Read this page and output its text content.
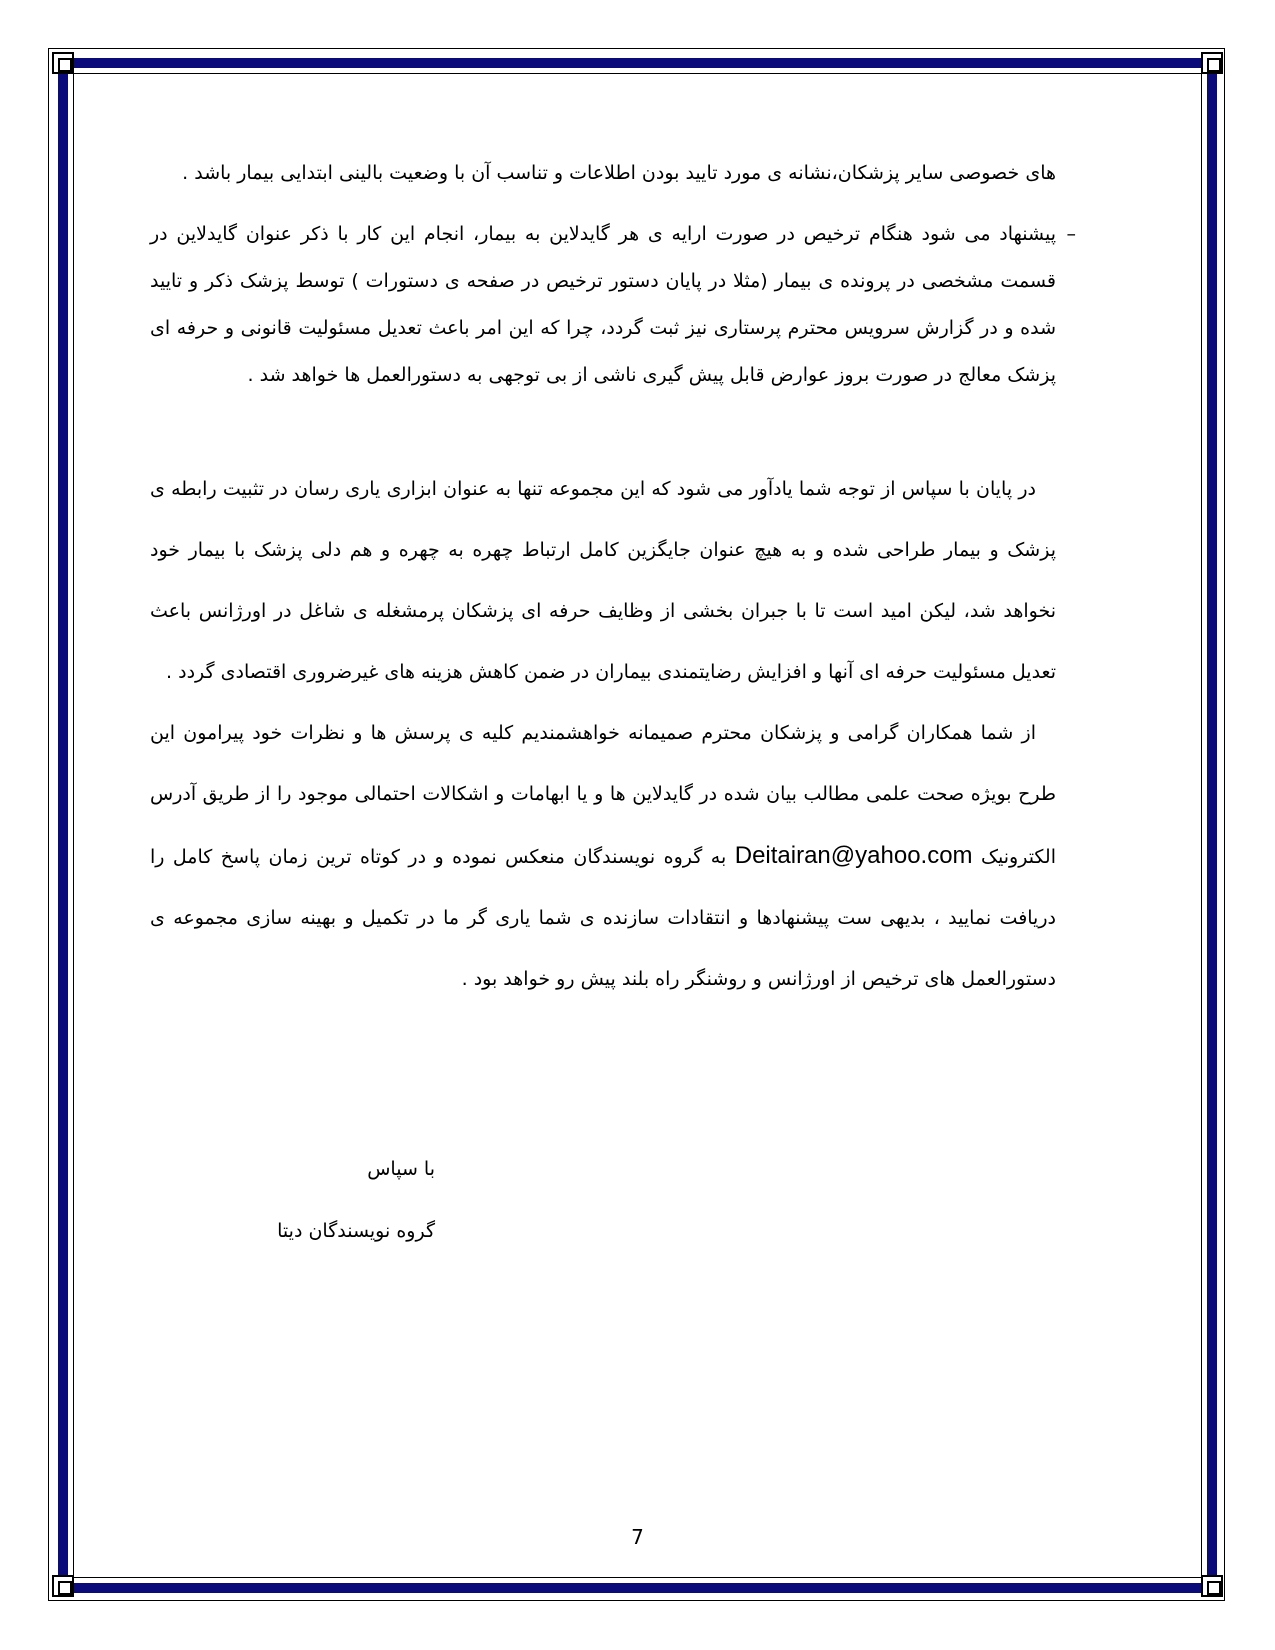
های خصوصی سایر پزشکان،نشانه ی مورد تایید بودن اطلاعات و تناسب آن با وضعیت بالینی ابتدایی بیمار باشد .

–
پیشنهاد می شود هنگام ترخیص در صورت ارایه ی هر گایدلاین به بیمار، انجام این کار با ذکر عنوان گایدلاین در قسمت مشخصی در پرونده ی بیمار (مثلا در پایان دستور ترخیص در صفحه ی دستورات ) توسط پزشک ذکر و تایید شده و در گزارش سرویس محترم پرستاری نیز ثبت گردد، چرا که این امر باعث تعدیل مسئولیت قانونی و حرفه ای پزشک معالج در صورت بروز عوارض قابل پیش گیری ناشی از بی توجهی به دستورالعمل ها خواهد شد .

در پایان با سپاس از توجه شما یادآور می شود که این مجموعه تنها به عنوان ابزاری یاری رسان در تثبیت رابطه ی پزشک و بیمار طراحی شده و به هیچ عنوان جایگزین کامل ارتباط چهره به چهره و هم دلی پزشک با بیمار خود نخواهد شد، لیکن امید است تا با جبران بخشی از وظایف حرفه ای پزشکان پرمشغله ی شاغل در اورژانس باعث تعدیل مسئولیت حرفه ای آنها و افزایش رضایتمندی بیماران در ضمن کاهش هزینه های غیرضروری اقتصادی گردد .

از شما همکاران گرامی و پزشکان محترم صمیمانه خواهشمندیم کلیه ی پرسش ها و نظرات خود پیرامون این طرح بویژه صحت علمی مطالب بیان شده در گایدلاین ها و یا ابهامات و اشکالات احتمالی موجود را از طریق آدرس الکترونیک Deitairan@yahoo.com به گروه نویسندگان منعکس نموده و در کوتاه ترین زمان پاسخ کامل را دریافت نمایید ، بدیهی ست پیشنهادها و انتقادات سازنده ی شما یاری گر ما در تکمیل و بهینه سازی مجموعه ی دستورالعمل های ترخیص از اورژانس و روشنگر راه بلند پیش رو خواهد بود .

با سپاس
گروه نویسندگان دیتا
7
